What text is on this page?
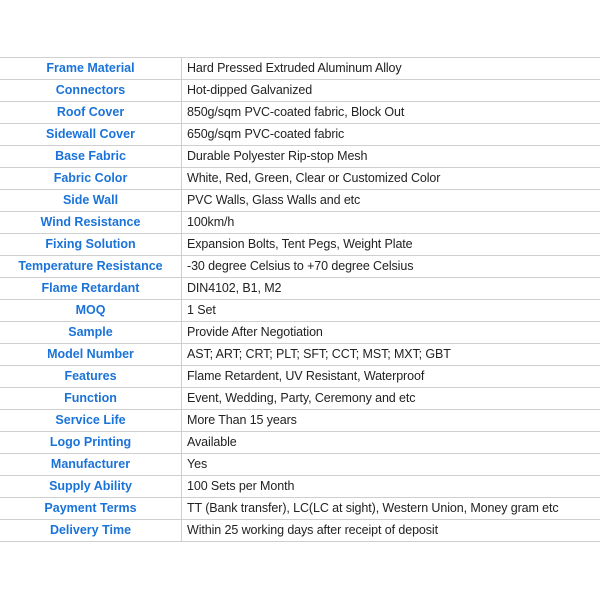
Frame Material	Hard Pressed Extruded Aluminum Alloy
Connectors	Hot-dipped Galvanized
Roof Cover	850g/sqm PVC-coated fabric, Block Out
Sidewall Cover	650g/sqm PVC-coated fabric
Base Fabric	Durable Polyester Rip-stop Mesh
Fabric Color	White, Red, Green, Clear or Customized Color
Side Wall	PVC Walls, Glass Walls and etc
Wind Resistance	100km/h
Fixing Solution	Expansion Bolts, Tent Pegs, Weight Plate
Temperature Resistance	-30 degree Celsius to +70 degree Celsius
Flame Retardant	DIN4102, B1, M2
MOQ	1 Set
Sample	Provide After Negotiation
Model Number	AST; ART; CRT; PLT; SFT; CCT; MST; MXT; GBT
Features	Flame Retardent, UV Resistant, Waterproof
Function	Event, Wedding, Party, Ceremony and etc
Service Life	More Than 15 years
Logo Printing	Available
Manufacturer	Yes
Supply Ability	100 Sets per Month
Payment Terms	TT (Bank transfer), LC(LC at sight), Western Union, Money gram etc
Delivery Time	Within 25 working days after receipt of deposit
